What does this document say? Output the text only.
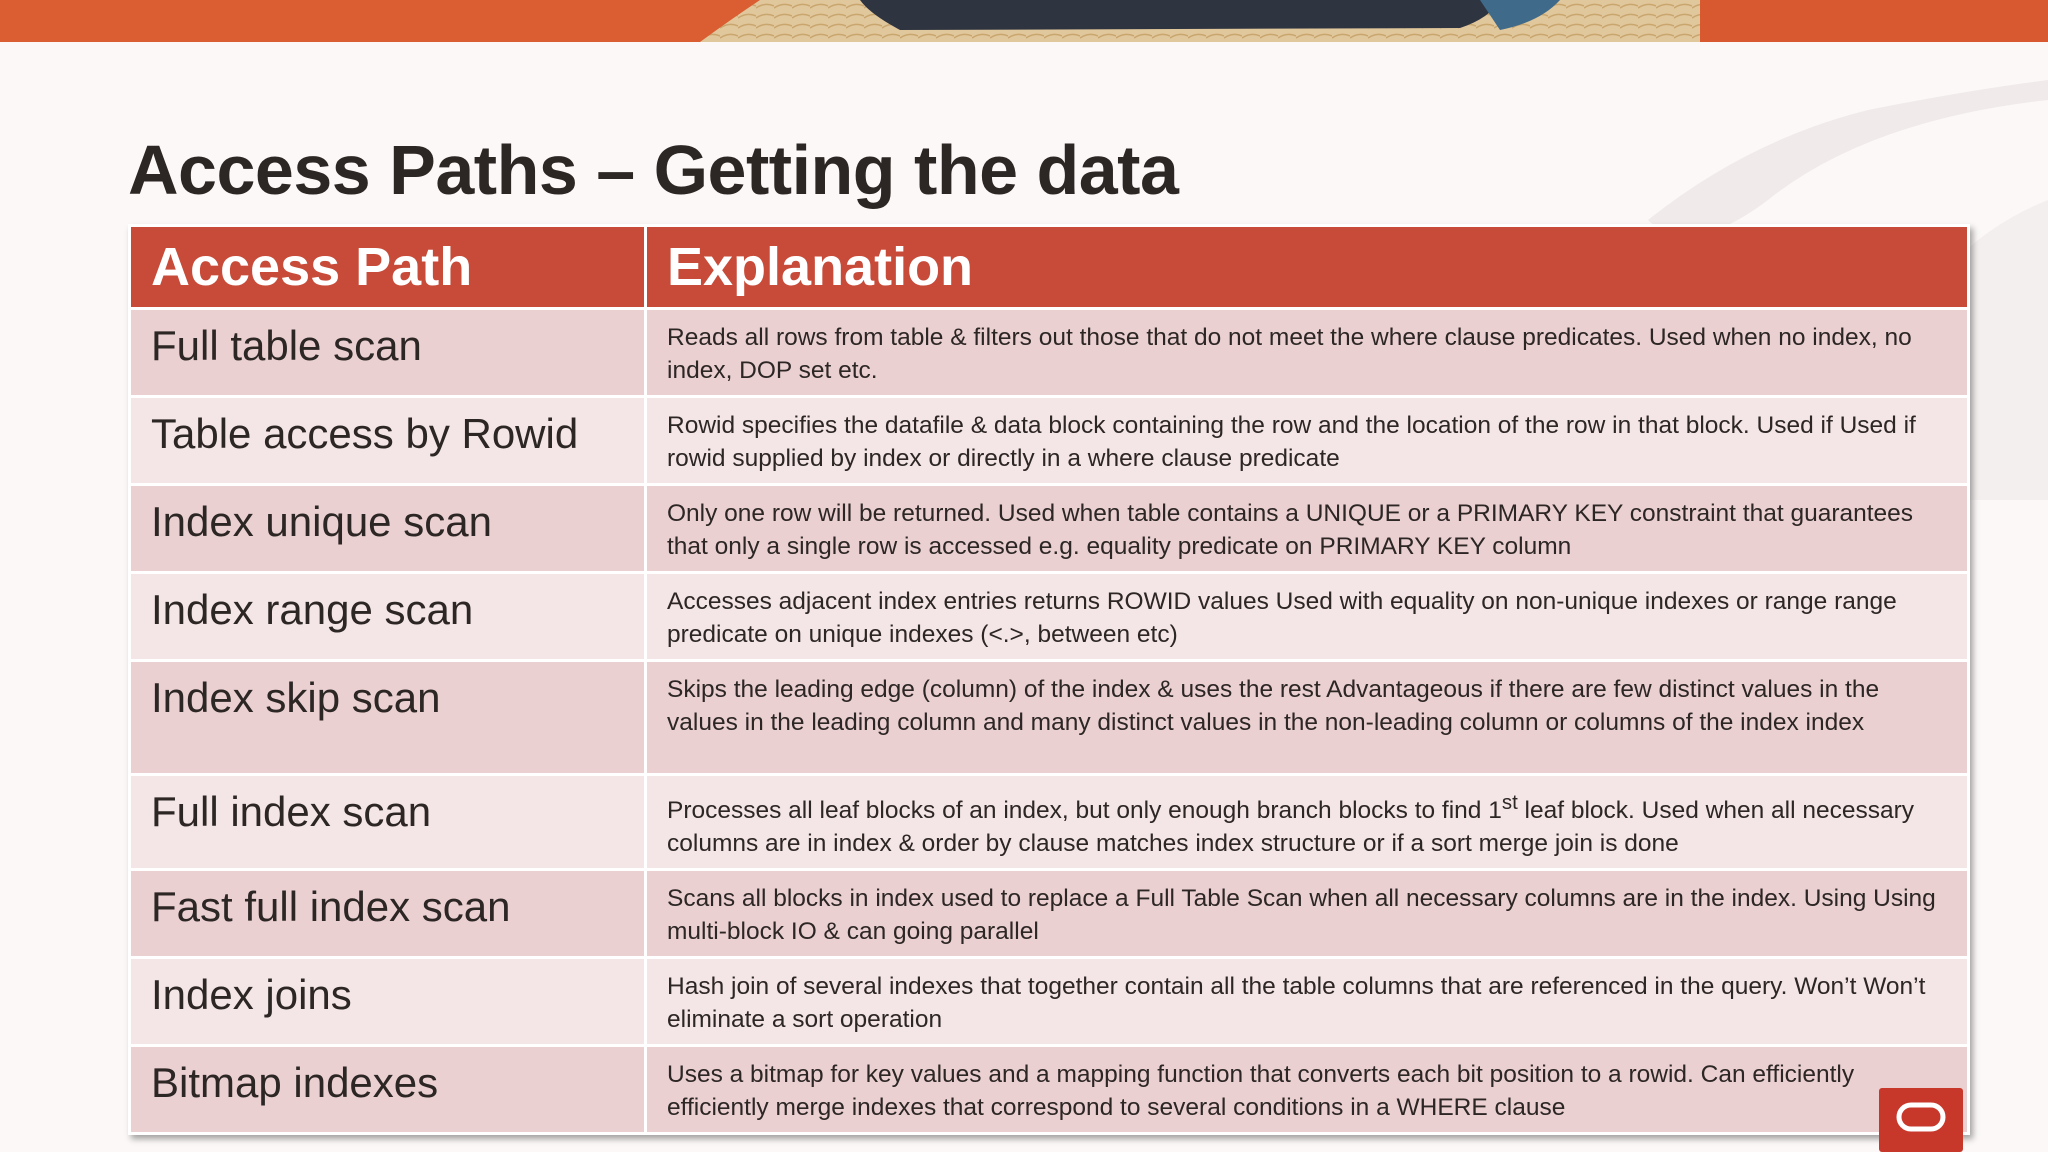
Access Paths – Getting the data
Access Path	Explanation
Full table scan	Reads all rows from table & filters out those that do not meet the where clause predicates. Used when no index, no index, DOP set etc.
Table access by Rowid	Rowid specifies the datafile & data block containing the row and the location of the row in that block. Used if Used if rowid supplied by index or directly in a where clause predicate
Index unique scan	Only one row will be returned. Used when table contains a UNIQUE or a PRIMARY KEY constraint that guarantees that only a single row is accessed e.g. equality predicate on PRIMARY KEY column
Index range scan	Accesses adjacent index entries returns ROWID values Used with equality on non-unique indexes or range range predicate on unique indexes (<.>, between etc)
Index skip scan	Skips the leading edge (column) of the index & uses the rest Advantageous if there are few distinct values in the values in the leading column and many distinct values in the non-leading column or columns of the index index
Full index scan	Processes all leaf blocks of an index, but only enough branch blocks to find 1st leaf block. Used when all necessary columns are in index & order by clause matches index structure or if a sort merge join is done
Fast full index scan	Scans all blocks in index used to replace a Full Table Scan when all necessary columns are in the index. Using Using multi-block IO & can going parallel
Index joins	Hash join of several indexes that together contain all the table columns that are referenced in the query. Won’t Won’t eliminate a sort operation
Bitmap indexes	Uses a bitmap for key values and a mapping function that converts each bit position to a rowid. Can efficiently efficiently merge indexes that correspond to several conditions in a WHERE clause
